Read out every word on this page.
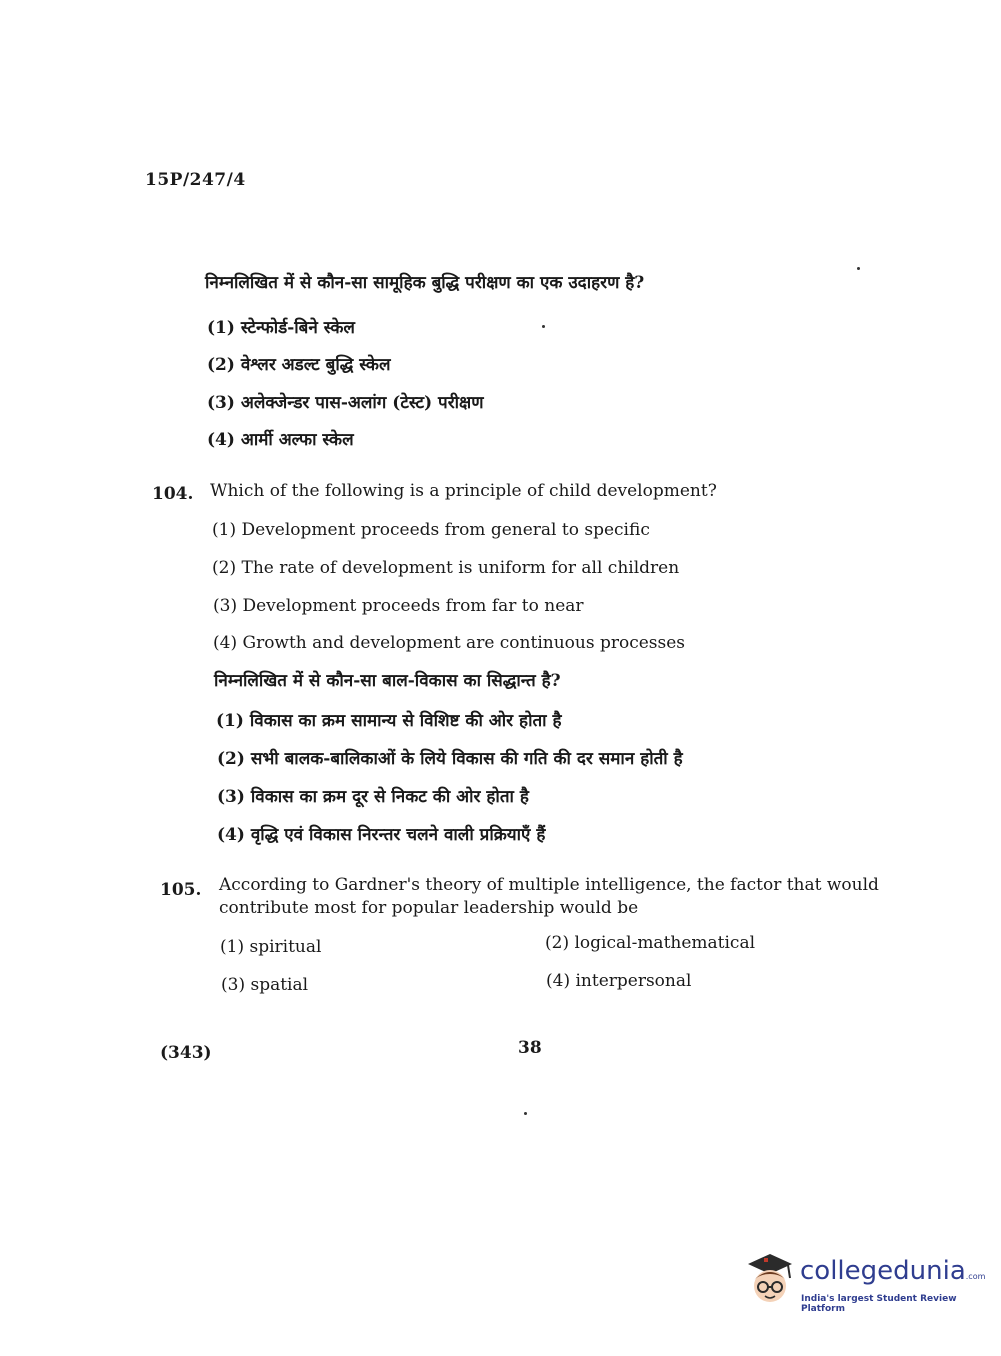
15P/247/4
निम्नलिखित में से कौन-सा सामूहिक बुद्धि परीक्षण का एक उदाहरण है?
(1) स्टेन्फोर्ड-बिने स्केल
(2) वेश्लर अडल्ट बुद्धि स्केल
(3) अलेक्जेन्डर पास-अलांग (टेस्ट) परीक्षण
(4) आर्मी अल्फा स्केल
104. Which of the following is a principle of child development?
(1) Development proceeds from general to specific
(2) The rate of development is uniform for all children
(3) Development proceeds from far to near
(4) Growth and development are continuous processes
निम्नलिखित में से कौन-सा बाल-विकास का सिद्धान्त है?
(1) विकास का क्रम सामान्य से विशिष्ट की ओर होता है
(2) सभी बालक-बालिकाओं के लिये विकास की गति की दर समान होती है
(3) विकास का क्रम दूर से निकट की ओर होता है
(4) वृद्धि एवं विकास निरन्तर चलने वाली प्रक्रियाएँ हैं
105. According to Gardner's theory of multiple intelligence, the factor that would
contribute most for popular leadership would be
(1) spiritual	(2) logical-mathematical
(3) spatial	(4) interpersonal
(343)	38
collegedunia.com
India's largest Student Review Platform
